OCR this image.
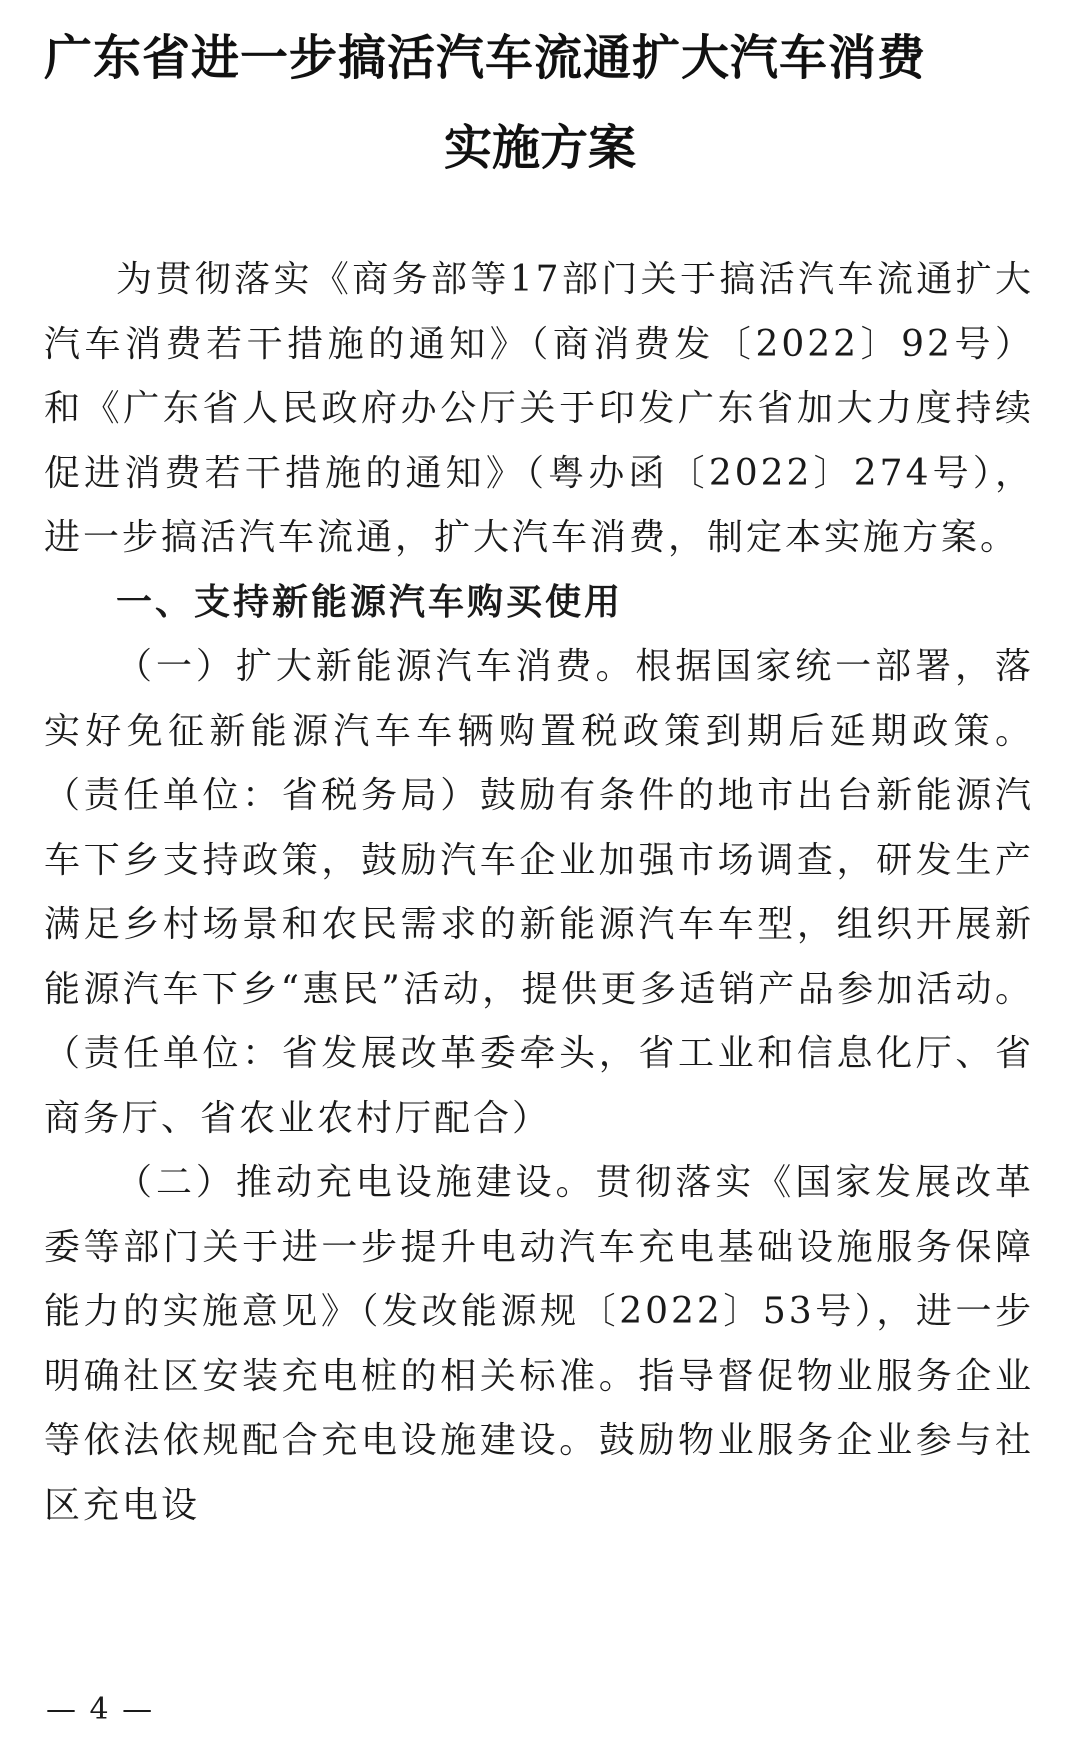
广东省进一步搞活汽车流通扩大汽车消费
实施方案

为贯彻落实《商务部等17部门关于搞活汽车流通扩大汽车消费若干措施的通知》（商消费发〔2022〕92号）和《广东省人民政府办公厅关于印发广东省加大力度持续促进消费若干措施的通知》（粤办函〔2022〕274号），进一步搞活汽车流通，扩大汽车消费，制定本实施方案。

一、支持新能源汽车购买使用

（一）扩大新能源汽车消费。根据国家统一部署，落实好免征新能源汽车车辆购置税政策到期后延期政策。（责任单位：省税务局）鼓励有条件的地市出台新能源汽车下乡支持政策，鼓励汽车企业加强市场调查，研发生产满足乡村场景和农民需求的新能源汽车车型，组织开展新能源汽车下乡“惠民”活动，提供更多适销产品参加活动。（责任单位：省发展改革委牵头，省工业和信息化厅、省商务厅、省农业农村厅配合）

（二）推动充电设施建设。贯彻落实《国家发展改革委等部门关于进一步提升电动汽车充电基础设施服务保障能力的实施意见》（发改能源规〔2022〕53号），进一步明确社区安装充电桩的相关标准。指导督促物业服务企业等依法依规配合充电设施建设。鼓励物业服务企业参与社区充电设

— 4 —
